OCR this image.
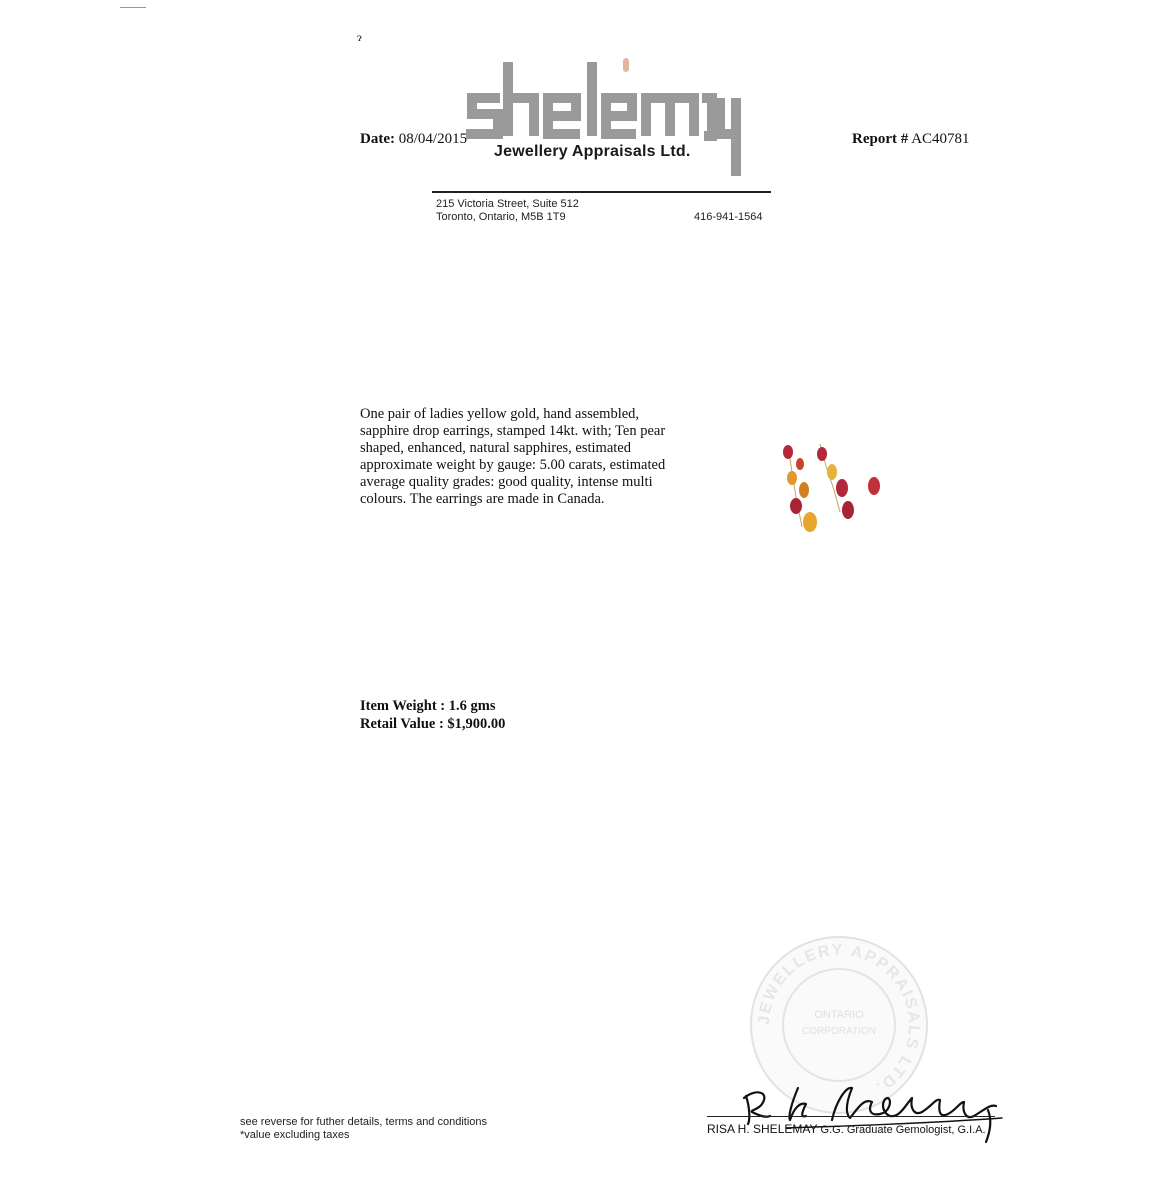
ɂ
Date: 08/04/2015	Report # AC40781
Jewellery Appraisals Ltd.
215 Victoria Street, Suite 512
Toronto, Ontario, M5B 1T9	416-941-1564
One pair of ladies yellow gold, hand assembled,
sapphire drop earrings, stamped 14kt. with; Ten pear
shaped, enhanced, natural sapphires, estimated
approximate weight by gauge: 5.00 carats, estimated
average quality grades: good quality, intense multi
colours. The earrings are made in Canada.
Item Weight : 1.6 gms
Retail Value : $1,900.00
JEWELLERY APPRAISALS LTD.
ONTARIO
CORPORATION
see reverse for futher details, terms and conditions
*value excluding taxes	RISA H. SHELEMAY G.G. Graduate Gemologist, G.I.A.
